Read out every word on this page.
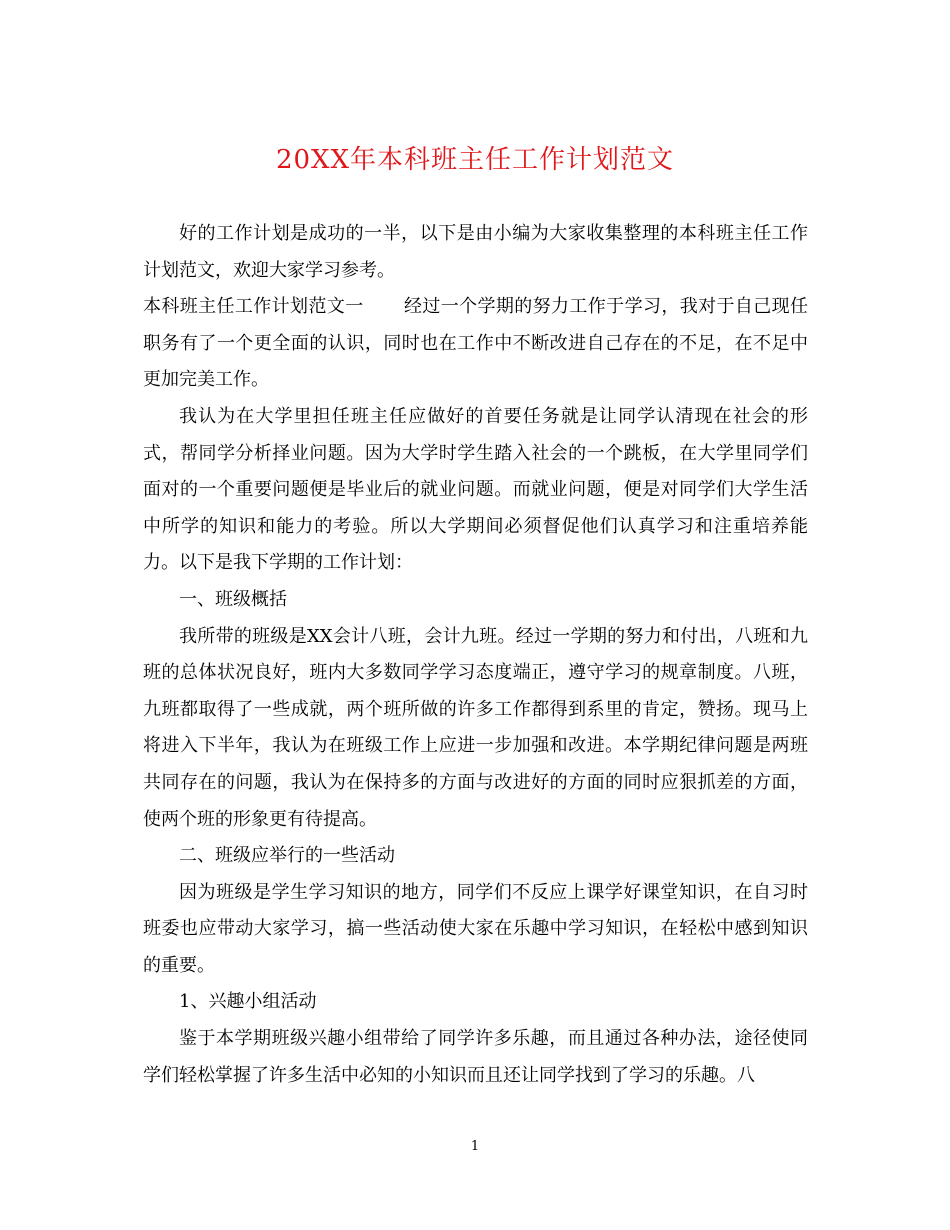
20XX年本科班主任工作计划范文

好的工作计划是成功的一半，以下是由小编为大家收集整理的本科班主任工作计划范文，欢迎大家学习参考。

本科班主任工作计划范文一 经过一个学期的努力工作于学习，我对于自己现任职务有了一个更全面的认识，同时也在工作中不断改进自己存在的不足，在不足中更加完美工作。

我认为在大学里担任班主任应做好的首要任务就是让同学认清现在社会的形式，帮同学分析择业问题。因为大学时学生踏入社会的一个跳板，在大学里同学们面对的一个重要问题便是毕业后的就业问题。而就业问题，便是对同学们大学生活中所学的知识和能力的考验。所以大学期间必须督促他们认真学习和注重培养能力。以下是我下学期的工作计划：

一、班级概括

我所带的班级是XX会计八班，会计九班。经过一学期的努力和付出，八班和九班的总体状况良好，班内大多数同学学习态度端正，遵守学习的规章制度。八班，九班都取得了一些成就，两个班所做的许多工作都得到系里的肯定，赞扬。现马上将进入下半年，我认为在班级工作上应进一步加强和改进。本学期纪律问题是两班共同存在的问题，我认为在保持多的方面与改进好的方面的同时应狠抓差的方面，使两个班的形象更有待提高。

二、班级应举行的一些活动

因为班级是学生学习知识的地方，同学们不反应上课学好课堂知识，在自习时班委也应带动大家学习，搞一些活动使大家在乐趣中学习知识，在轻松中感到知识的重要。

1、兴趣小组活动

鉴于本学期班级兴趣小组带给了同学许多乐趣，而且通过各种办法，途径使同学们轻松掌握了许多生活中必知的小知识而且还让同学找到了学习的乐趣。八

1
